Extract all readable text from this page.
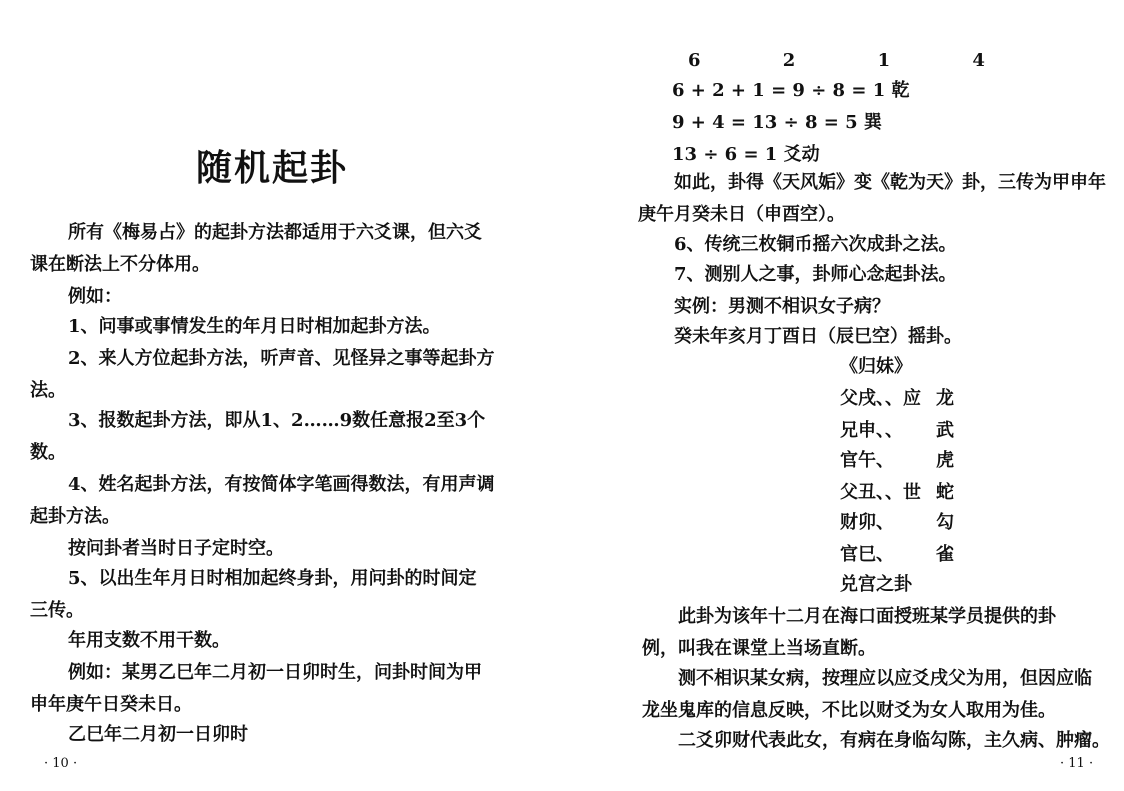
随机起卦
所有《梅易占》的起卦方法都适用于六爻课，但六爻
课在断法上不分体用。
例如：
1、问事或事情发生的年月日时相加起卦方法。
2、来人方位起卦方法，听声音、见怪异之事等起卦方
法。
3、报数起卦方法，即从1、2……9数任意报2至3个
数。
4、姓名起卦方法，有按简体字笔画得数法，有用声调
起卦方法。
按问卦者当时日子定时空。
5、以出生年月日时相加起终身卦，用问卦的时间定
三传。
年用支数不用干数。
例如：某男乙巳年二月初一日卯时生，问卦时间为甲
申年庚午日癸未日。
乙巳年二月初一日卯时
· 10 ·
6 2 1 4
6 + 2 + 1 = 9 ÷ 8 = 1 乾
9 + 4 = 13 ÷ 8 = 5 巽
13 ÷ 6 = 1 爻动
如此，卦得《天风姤》变《乾为天》卦，三传为甲申年
庚午月癸未日（申酉空）。
6、传统三枚铜币摇六次成卦之法。
7、测别人之事，卦师心念起卦法。
实例：男测不相识女子病？
癸未年亥月丁酉日（辰巳空）摇卦。
《归妹》
父戌、、应 龙
兄申、、 武
官午、 虎
父丑、、世 蛇
财卯、 勾
官巳、 雀
兑宫之卦
此卦为该年十二月在海口面授班某学员提供的卦
例，叫我在课堂上当场直断。
测不相识某女病，按理应以应爻戌父为用，但因应临
龙坐鬼库的信息反映，不比以财爻为女人取用为佳。
二爻卯财代表此女，有病在身临勾陈，主久病、肿瘤。
· 11 ·
